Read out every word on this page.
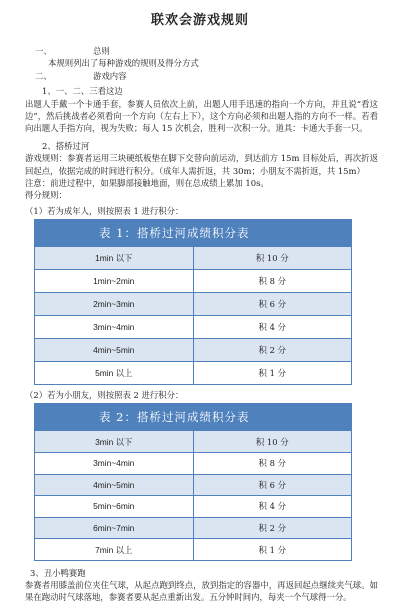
联欢会游戏规则
一、	总则

本规则列出了每种游戏的规则及得分方式

二、	游戏内容

1、一、二、三看这边

出题人手戴一个卡通手套，参赛人员依次上前，出题人用手迅速的指向一个方向，并且说“看这边”，然后挑战者必须看向一个方向（左右上下），这个方向必须和出题人指的方向不一样。若看向出题人手指方向，视为失败；每人 15 次机会，胜利一次积一分。道具：卡通大手套一只。

2、搭桥过河

游戏规则：参赛者运用三块硬纸板垫在脚下交替向前运动，到达前方 15m 目标处后，再次折返回起点，依据完成的时间进行积分。（成年人需折返，共 30m；小朋友不需折返，共 15m）

注意：前进过程中，如果脚部接触地面，则在总成绩上累加 10s。

得分规则：

（1）若为成年人，则按照表 1 进行积分：

表 1：搭桥过河成绩积分表	
1min 以下	积 10 分
1min~2min	积 8 分
2min~3min	积 6 分
3min~4min	积 4 分
4min~5min	积 2 分
5min 以上	积 1 分

（2）若为小朋友，则按照表 2 进行积分：

表 2：搭桥过河成绩积分表	
3min 以下	积 10 分
3min~4min	积 8 分
4min~5min	积 6 分
5min~6min	积 4 分
6min~7min	积 2 分
7min 以上	积 1 分

3、丑小鸭赛跑

参赛者用膝盖前位夹住气球，从起点跑到终点，放到指定的容器中，再返回起点继续夹气球。如果在跑动时气球落地，参赛者要从起点重新出发。五分钟时间内，每夹一个气球得一分。
